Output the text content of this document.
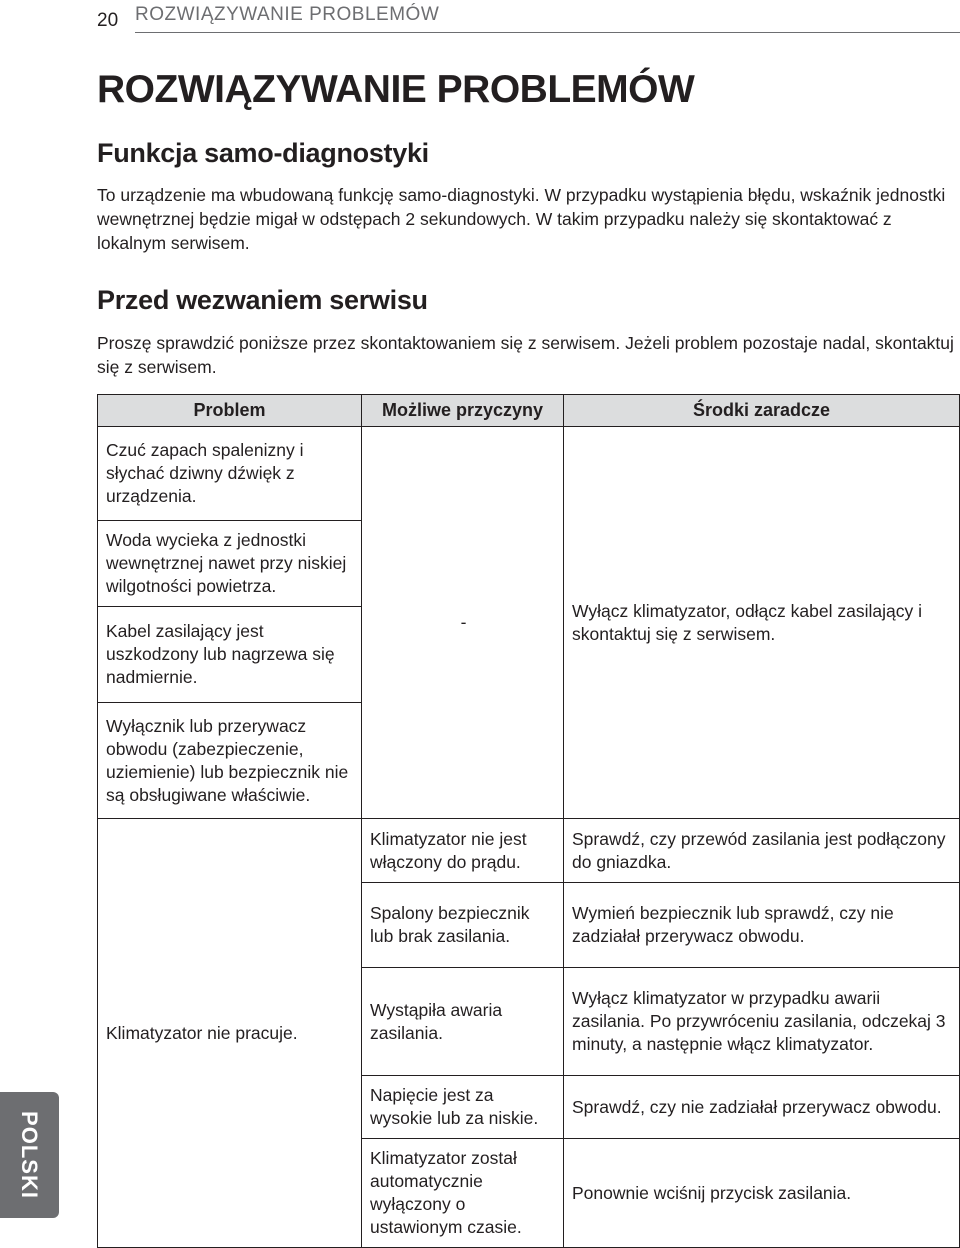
20 ROZWIĄZYWANIE PROBLEMÓW
ROZWIĄZYWANIE PROBLEMÓW
Funkcja samo-diagnostyki

To urządzenie ma wbudowaną funkcję samo-diagnostyki. W przypadku wystąpienia błędu, wskaźnik jednostki wewnętrznej będzie migał w odstępach 2 sekundowych. W takim przypadku należy się skontaktować z lokalnym serwisem.

Przed wezwaniem serwisu

Proszę sprawdzić poniższe przez skontaktowaniem się z serwisem. Jeżeli problem pozostaje nadal, skontaktuj się z serwisem.

Problem	Możliwe przyczyny	Środki zaradcze
Czuć zapach spalenizny i słychać dziwny dźwięk z urządzenia.	-	Wyłącz klimatyzator, odłącz kabel zasilający i skontaktuj się z serwisem.
Woda wycieka z jednostki wewnętrznej nawet przy niskiej wilgotności powietrza.		
Kabel zasilający jest uszkodzony lub nagrzewa się nadmiernie.		
Wyłącznik lub przerywacz obwodu (zabezpieczenie, uziemienie) lub bezpiecznik nie są obsługiwane właściwie.		
Klimatyzator nie pracuje.	Klimatyzator nie jest włączony do prądu.	Sprawdź, czy przewód zasilania jest podłączony do gniazdka.
	Spalony bezpiecznik lub brak zasilania.	Wymień bezpiecznik lub sprawdź, czy nie zadziałał przerywacz obwodu.
	Wystąpiła awaria zasilania.	Wyłącz klimatyzator w przypadku awarii zasilania. Po przywróceniu zasilania, odczekaj 3 minuty, a następnie włącz klimatyzator.
	Napięcie jest za wysokie lub za niskie.	Sprawdź, czy nie zadziałał przerywacz obwodu.
	Klimatyzator został automatycznie wyłączony o ustawionym czasie.	Ponownie wciśnij przycisk zasilania.
POLSKI
